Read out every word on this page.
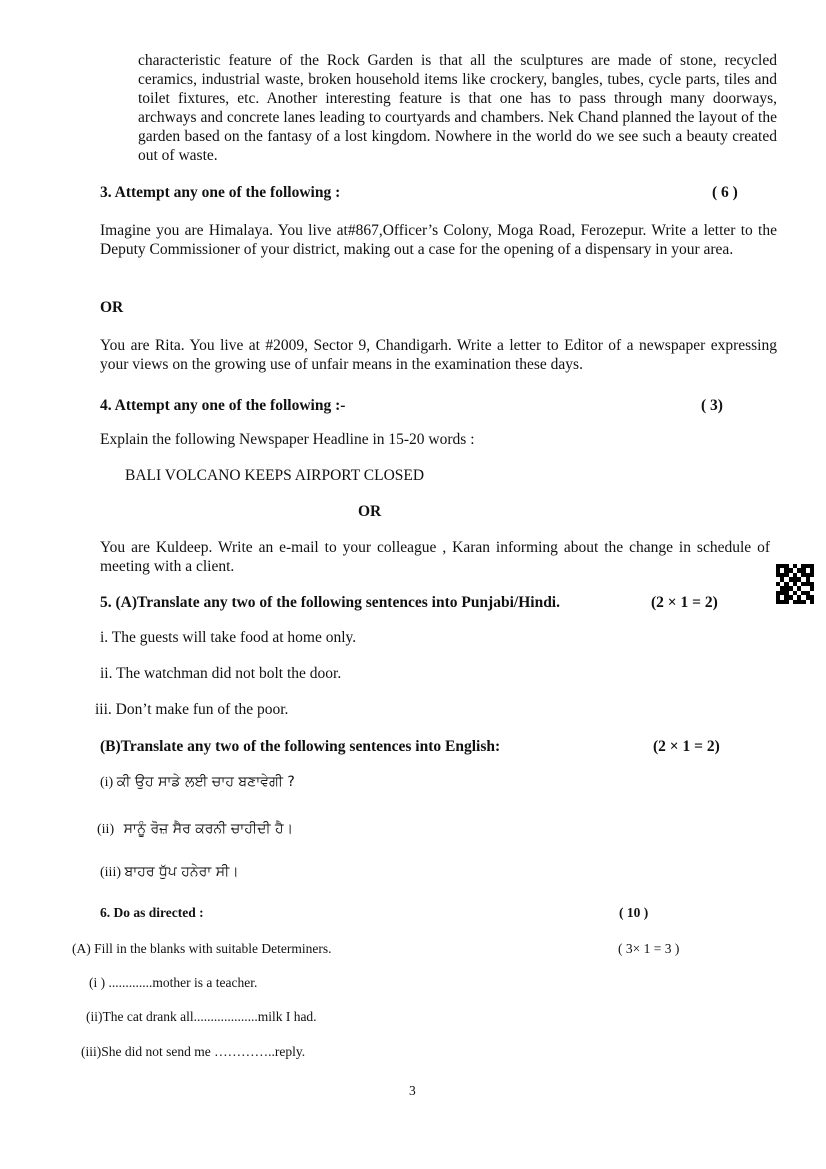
characteristic feature of the Rock Garden is that all the sculptures are made of stone, recycled ceramics, industrial waste, broken household items like crockery, bangles, tubes, cycle parts, tiles and toilet fixtures, etc. Another interesting feature is that one has to pass through many doorways, archways and concrete lanes leading to courtyards and chambers. Nek Chand planned the layout of the garden based on the fantasy of a lost kingdom. Nowhere in the world do we see such a beauty created out of waste.

3. Attempt any one of the following :	( 6 )

Imagine you are Himalaya. You live at#867,Officer’s Colony, Moga Road, Ferozepur. Write a letter to the Deputy Commissioner of your district, making out a case for the opening of a dispensary in your area.

OR

You are Rita. You live at #2009, Sector 9, Chandigarh. Write a letter to Editor of a newspaper expressing your views on the growing use of unfair means in the examination these days.

4. Attempt any one of the following :-	( 3)
Explain the following Newspaper Headline in 15-20 words :
BALI VOLCANO KEEPS AIRPORT CLOSED
OR

You are Kuldeep. Write an e-mail to your colleague , Karan informing about the change in schedule of meeting with a client.

5. (A)Translate any two of the following sentences into Punjabi/Hindi.	(2 × 1 = 2)
i. The guests will take food at home only.
ii. The watchman did not bolt the door.
iii. Don’t make fun of the poor.
(B)Translate any two of the following sentences into English:	(2 × 1 = 2)
(i) ਕੀ ਉਹ ਸਾਡੇ ਲਈ ਚਾਹ ਬਣਾਵੇਗੀ ?
(ii) ਸਾਨੂੰ ਰੋਜ਼ ਸੈਰ ਕਰਨੀ ਚਾਹੀਦੀ ਹੈ।
(iii) ਬਾਹਰ ਧੁੱਪ ਹਨੇਰਾ ਸੀ।
6. Do as directed :	( 10 )
(A) Fill in the blanks with suitable Determiners.	( 3× 1 = 3 )
(i ) .............mother is a teacher.
(ii)The cat drank all...................milk I had.
(iii)She did not send me …………..reply.
3
